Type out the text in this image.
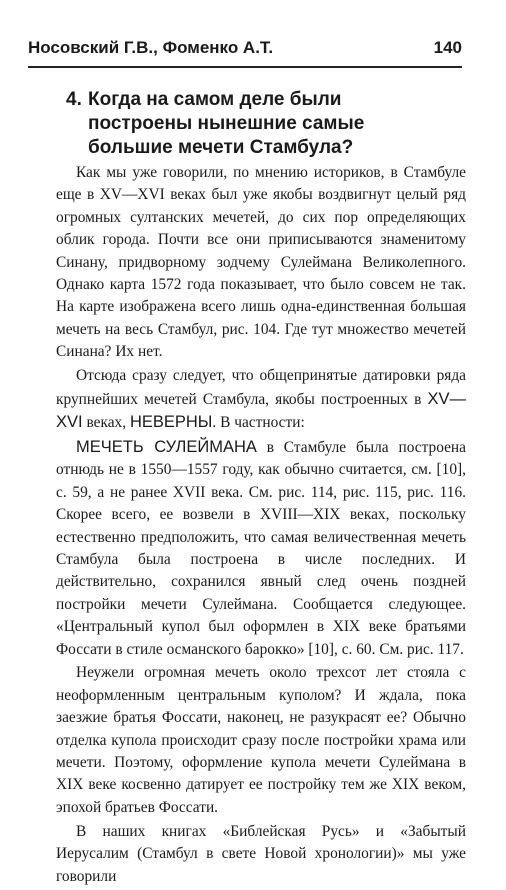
Носовский Г.В., Фоменко А.Т.	140
4. Когда на самом деле были построены нынешние самые большие мечети Стамбула?

Как мы уже говорили, по мнению историков, в Стамбуле еще в XV—XVI веках был уже якобы воздвигнут целый ряд огромных султанских мечетей, до сих пор определяющих облик города. Почти все они приписываются знаменитому Синану, придворному зодчему Сулеймана Великолепного. Однако карта 1572 года показывает, что было совсем не так. На карте изображена всего лишь одна-единственная большая мечеть на весь Стамбул, рис. 104. Где тут множество мечетей Синана? Их нет.

Отсюда сразу следует, что общепринятые датировки ряда крупнейших мечетей Стамбула, якобы построенных в XV—XVI веках, НЕВЕРНЫ. В частности:

МЕЧЕТЬ СУЛЕЙМАНА в Стамбуле была построена отнюдь не в 1550—1557 году, как обычно считается, см. [10], с. 59, а не ранее XVII века. См. рис. 114, рис. 115, рис. 116. Скорее всего, ее возвели в XVIII—XIX веках, поскольку естественно предположить, что самая величественная мечеть Стамбула была построена в числе последних. И действительно, сохранился явный след очень поздней постройки мечети Сулеймана. Сообщается следующее. «Центральный купол был оформлен в XIX веке братьями Фоссати в стиле османского барокко» [10], с. 60. См. рис. 117.

Неужели огромная мечеть около трехсот лет стояла с неоформленным центральным куполом? И ждала, пока заезжие братья Фоссати, наконец, не разукрасят ее? Обычно отделка купола происходит сразу после постройки храма или мечети. Поэтому, оформление купола мечети Сулеймана в XIX веке косвенно датирует ее постройку тем же XIX веком, эпохой братьев Фоссати.

В наших книгах «Библейская Русь» и «Забытый Иерусалим (Стамбул в свете Новой хронологии)» мы уже говорили
